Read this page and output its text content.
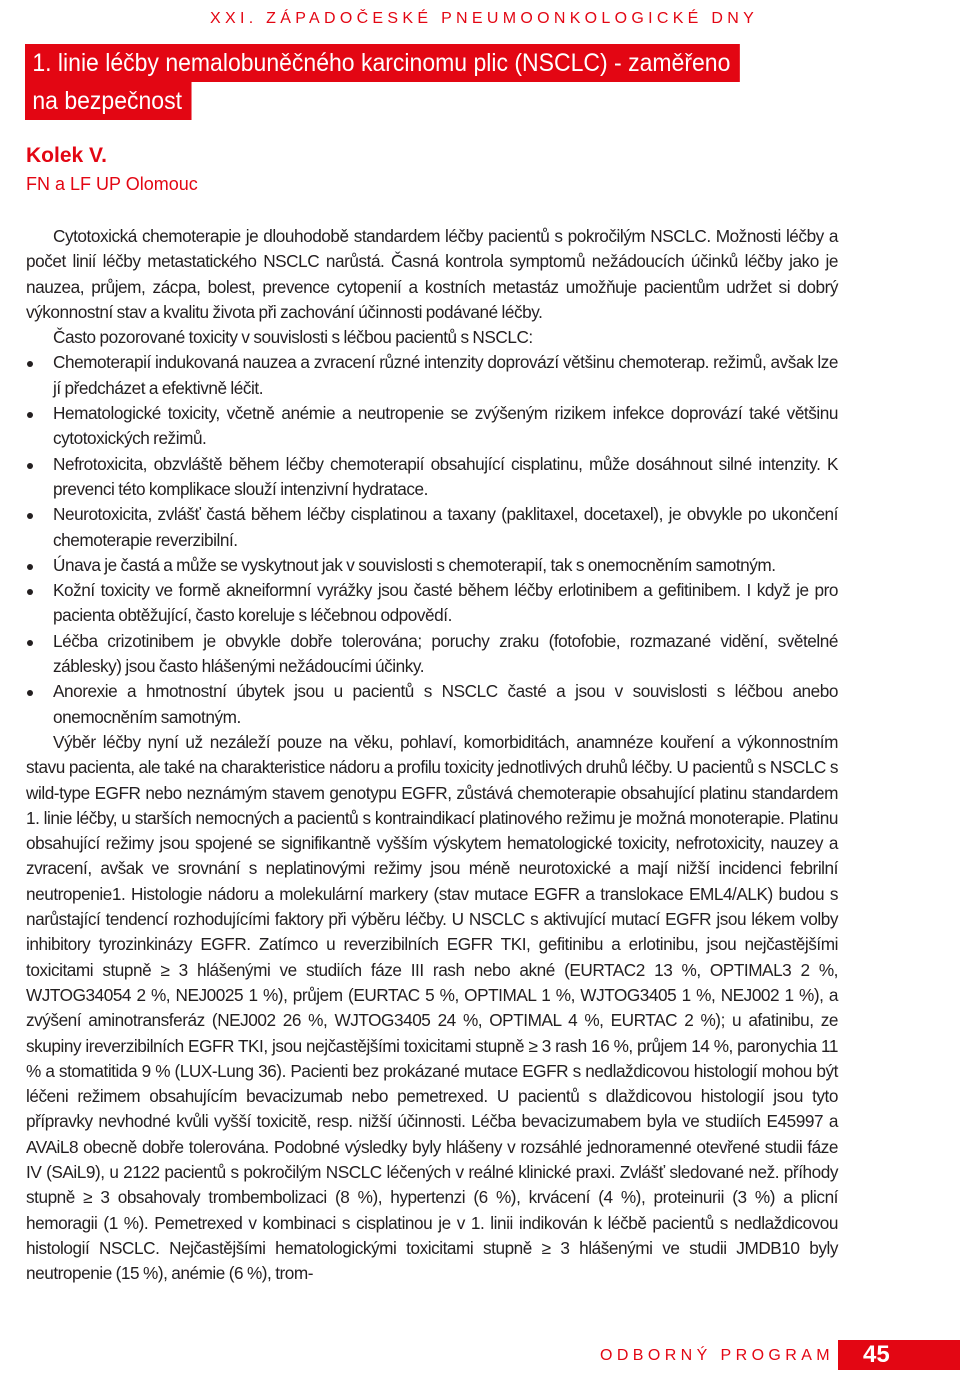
XXI. ZÁPADOČESKÉ PNEUMOONKOLOGICKÉ DNY
1. linie léčby nemalobuněčného karcinomu plic (NSCLC) - zaměřeno
na bezpečnost
Kolek V.
FN a LF UP Olomouc

Cytotoxická chemoterapie je dlouhodobě standardem léčby pacientů s pokročilým NSCLC. Možnosti léčby a počet linií léčby metastatického NSCLC narůstá. Časná kontrola symptomů nežádoucích účinků léčby jako je nauzea, průjem, zácpa, bolest, prevence cytopenií a kostních metastáz umožňuje pacientům udržet si dobrý výkonnostní stav a kvalitu života při zachování účinnosti podávané léčby.

Často pozorované toxicity v souvislosti s léčbou pacientů s NSCLC:

Chemoterapií indukovaná nauzea a zvracení různé intenzity doprovází většinu chemoterap. režimů, avšak lze jí předcházet a efektivně léčit.
Hematologické toxicity, včetně anémie a neutropenie se zvýšeným rizikem infekce doprovází také většinu cytotoxických režimů.
Nefrotoxicita, obzvláště během léčby chemoterapií obsahující cisplatinu, může dosáhnout silné intenzity. K prevenci této komplikace slouží intenzivní hydratace.
Neurotoxicita, zvlášť častá během léčby cisplatinou a taxany (paklitaxel, docetaxel), je obvykle po ukončení chemoterapie reverzibilní.
Únava je častá a může se vyskytnout jak v souvislosti s chemoterapií, tak s onemocněním samotným.
Kožní toxicity ve formě akneiformní vyrážky jsou časté během léčby erlotinibem a gefitinibem. I když je pro pacienta obtěžující, často koreluje s léčebnou odpovědí.
Léčba crizotinibem je obvykle dobře tolerována; poruchy zraku (fotofobie, rozmazané vidění, světelné záblesky) jsou často hlášenými nežádoucími účinky.
Anorexie a hmotnostní úbytek jsou u pacientů s NSCLC časté a jsou v souvislosti s léčbou anebo onemocněním samotným.

Výběr léčby nyní už nezáleží pouze na věku, pohlaví, komorbiditách, anamnéze kouření a výkonnostním stavu pacienta, ale také na charakteristice nádoru a profilu toxicity jednotlivých druhů léčby. U pacientů s NSCLC s wild-type EGFR nebo neznámým stavem genotypu EGFR, zůstává chemoterapie obsahující platinu standardem 1. linie léčby, u starších nemocných a pacientů s kontraindikací platinového režimu je možná monoterapie. Platinu obsahující režimy jsou spojené se signifikantně vyšším výskytem hematologické toxicity, nefrotoxicity, nauzey a zvracení, avšak ve srovnání s neplatinovými režimy jsou méně neurotoxické a mají nižší incidenci febrilní neutropenie1. Histologie nádoru a molekulární markery (stav mutace EGFR a translokace EML4/ALK) budou s narůstající tendencí rozhodujícími faktory při výběru léčby. U NSCLC s aktivující mutací EGFR jsou lékem volby inhibitory tyrozinkinázy EGFR. Zatímco u reverzibilních EGFR TKI, gefitinibu a erlotinibu, jsou nejčastějšími toxicitami stupně ≥ 3 hlášenými ve studiích fáze III rash nebo akné (EURTAC2 13 %, OPTIMAL3 2 %, WJTOG34054 2 %, NEJ0025 1 %), průjem (EURTAC 5 %, OPTIMAL 1 %, WJTOG3405 1 %, NEJ002 1 %), a zvýšení aminotransferáz (NEJ002 26 %, WJTOG3405 24 %, OPTIMAL 4 %, EURTAC 2 %); u afatinibu, ze skupiny ireverzibilních EGFR TKI, jsou nejčastějšími toxicitami stupně ≥ 3 rash 16 %, průjem 14 %, paronychia 11 % a stomatitida 9 % (LUX-Lung 36). Pacienti bez prokázané mutace EGFR s nedlaždicovou histologií mohou být léčeni režimem obsahujícím bevacizumab nebo pemetrexed. U pacientů s dlaždicovou histologií jsou tyto přípravky nevhodné kvůli vyšší toxicitě, resp. nižší účinnosti. Léčba bevacizumabem byla ve studiích E45997 a AVAiL8 obecně dobře tolerována. Podobné výsledky byly hlášeny v rozsáhlé jednoramenné otevřené studii fáze IV (SAiL9), u 2122 pacientů s pokročilým NSCLC léčených v reálné klinické praxi. Zvlášť sledované než. příhody stupně ≥ 3 obsahovaly trombembolizaci (8 %), hypertenzi (6 %), krvácení (4 %), proteinurii (3 %) a plicní hemoragii (1 %). Pemetrexed v kombinaci s cisplatinou je v 1. linii indikován k léčbě pacientů s nedlaždicovou histologií NSCLC. Nejčastějšími hematologickými toxicitami stupně ≥ 3 hlášenými ve studii JMDB10 byly neutropenie (15 %), anémie (6 %), trom-

ODBORNÝ PROGRAM	45
